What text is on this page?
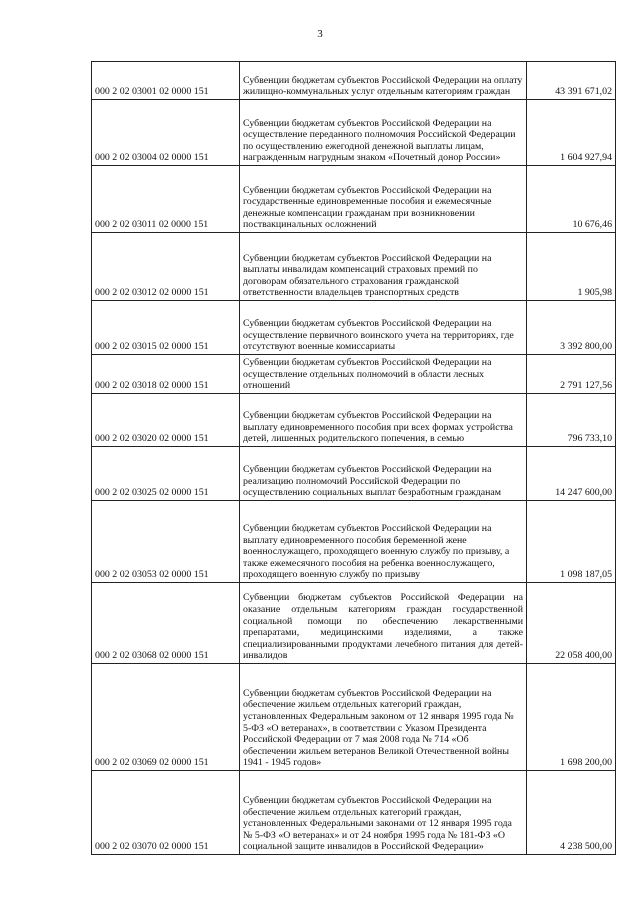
3
000 2 02 03001 02 0000 151	Субвенции бюджетам субъектов Российской Федерации на оплату жилищно-коммунальных услуг отдельным категориям граждан	43 391 671,02
000 2 02 03004 02 0000 151	Субвенции бюджетам субъектов Российской Федерации на осуществление переданного полномочия Российской Федерации по осуществлению ежегодной денежной выплаты лицам, награжденным нагрудным знаком «Почетный донор России»	1 604 927,94
000 2 02 03011 02 0000 151	Субвенции бюджетам субъектов Российской Федерации на государственные единовременные пособия и ежемесячные денежные компенсации гражданам при возникновении поствакцинальных осложнений	10 676,46
000 2 02 03012 02 0000 151	Субвенции бюджетам субъектов Российской Федерации на выплаты инвалидам компенсаций страховых премий по договорам обязательного страхования гражданской ответственности владельцев транспортных средств	1 905,98
000 2 02 03015 02 0000 151	Субвенции бюджетам субъектов Российской Федерации на осуществление первичного воинского учета на территориях, где отсутствуют военные комиссариаты	3 392 800,00
000 2 02 03018 02 0000 151	Субвенции бюджетам субъектов Российской Федерации на осуществление отдельных полномочий в области лесных отношений	2 791 127,56
000 2 02 03020 02 0000 151	Субвенции бюджетам субъектов Российской Федерации на выплату единовременного пособия при всех формах устройства детей, лишенных родительского попечения, в семью	796 733,10
000 2 02 03025 02 0000 151	Субвенции бюджетам субъектов Российской Федерации на реализацию полномочий Российской Федерации по осуществлению социальных выплат безработным гражданам	14 247 600,00
000 2 02 03053 02 0000 151	Субвенции бюджетам субъектов Российской Федерации на выплату единовременного пособия беременной жене военнослужащего, проходящего военную службу по призыву, а также ежемесячного пособия на ребенка военнослужащего, проходящего военную службу по призыву	1 098 187,05
000 2 02 03068 02 0000 151	Субвенции бюджетам субъектов Российской Федерации на оказание отдельным категориям граждан государственной социальной помощи по обеспечению лекарственными препаратами, медицинскими изделиями, а также специализированными продуктами лечебного питания для детей-инвалидов	22 058 400,00
000 2 02 03069 02 0000 151	Субвенции бюджетам субъектов Российской Федерации на обеспечение жильем отдельных категорий граждан, установленных Федеральным законом от 12 января 1995 года № 5-ФЗ «О ветеранах», в соответствии с Указом Президента Российской Федерации от 7 мая 2008 года № 714 «Об обеспечении жильем ветеранов Великой Отечественной войны 1941 - 1945 годов»	1 698 200,00
000 2 02 03070 02 0000 151	Субвенции бюджетам субъектов Российской Федерации на обеспечение жильем отдельных категорий граждан, установленных Федеральными законами от 12 января 1995 года № 5-ФЗ «О ветеранах» и от 24 ноября 1995 года № 181-ФЗ «О социальной защите инвалидов в Российской Федерации»	4 238 500,00
